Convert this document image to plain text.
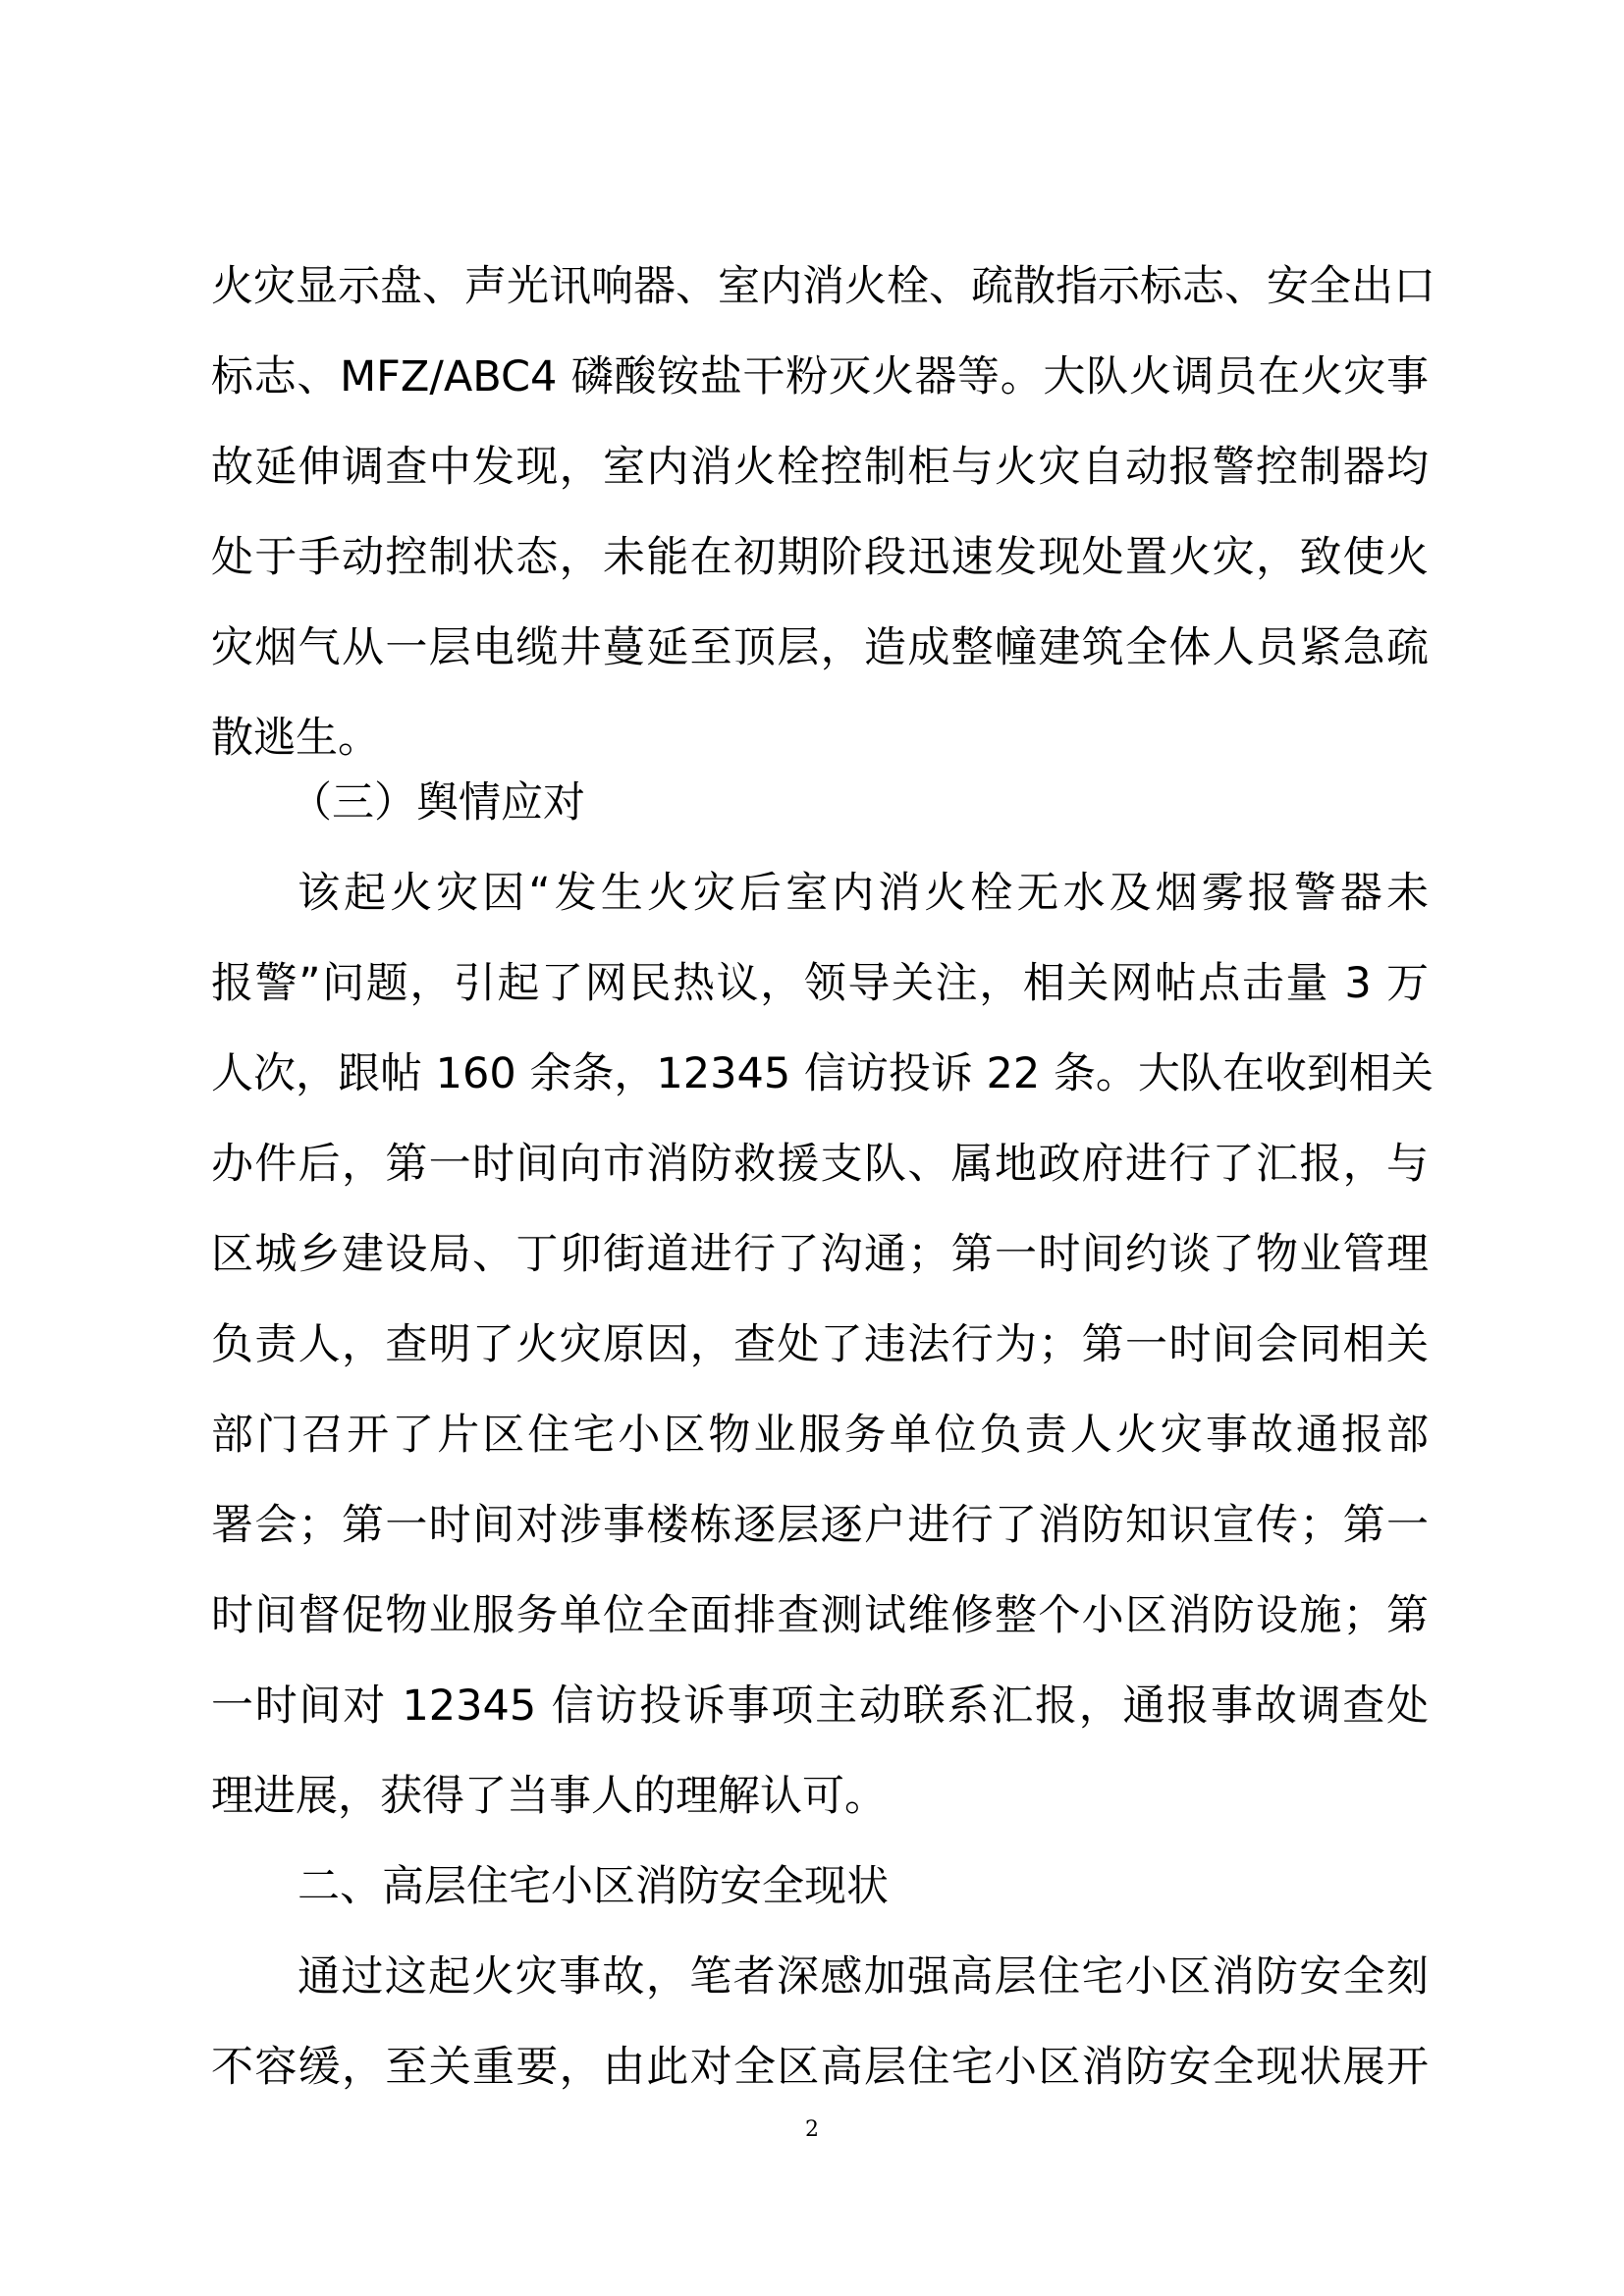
火灾显示盘、声光讯响器、室内消火栓、疏散指示标志、安全出口
标志、MFZ/ABC4 磷酸铵盐干粉灭火器等。大队火调员在火灾事
故延伸调查中发现，室内消火栓控制柜与火灾自动报警控制器均
处于手动控制状态，未能在初期阶段迅速发现处置火灾，致使火
灾烟气从一层电缆井蔓延至顶层，造成整幢建筑全体人员紧急疏
散逃生。
（三）舆情应对
该起火灾因“发生火灾后室内消火栓无水及烟雾报警器未
报警”问题，引起了网民热议，领导关注，相关网帖点击量 3 万
人次，跟帖 160 余条，12345 信访投诉 22 条。大队在收到相关
办件后，第一时间向市消防救援支队、属地政府进行了汇报，与
区城乡建设局、丁卯街道进行了沟通；第一时间约谈了物业管理
负责人，查明了火灾原因，查处了违法行为；第一时间会同相关
部门召开了片区住宅小区物业服务单位负责人火灾事故通报部
署会；第一时间对涉事楼栋逐层逐户进行了消防知识宣传；第一
时间督促物业服务单位全面排查测试维修整个小区消防设施；第
一时间对 12345 信访投诉事项主动联系汇报，通报事故调查处
理进展，获得了当事人的理解认可。
二、高层住宅小区消防安全现状
通过这起火灾事故，笔者深感加强高层住宅小区消防安全刻
不容缓，至关重要，由此对全区高层住宅小区消防安全现状展开
2
